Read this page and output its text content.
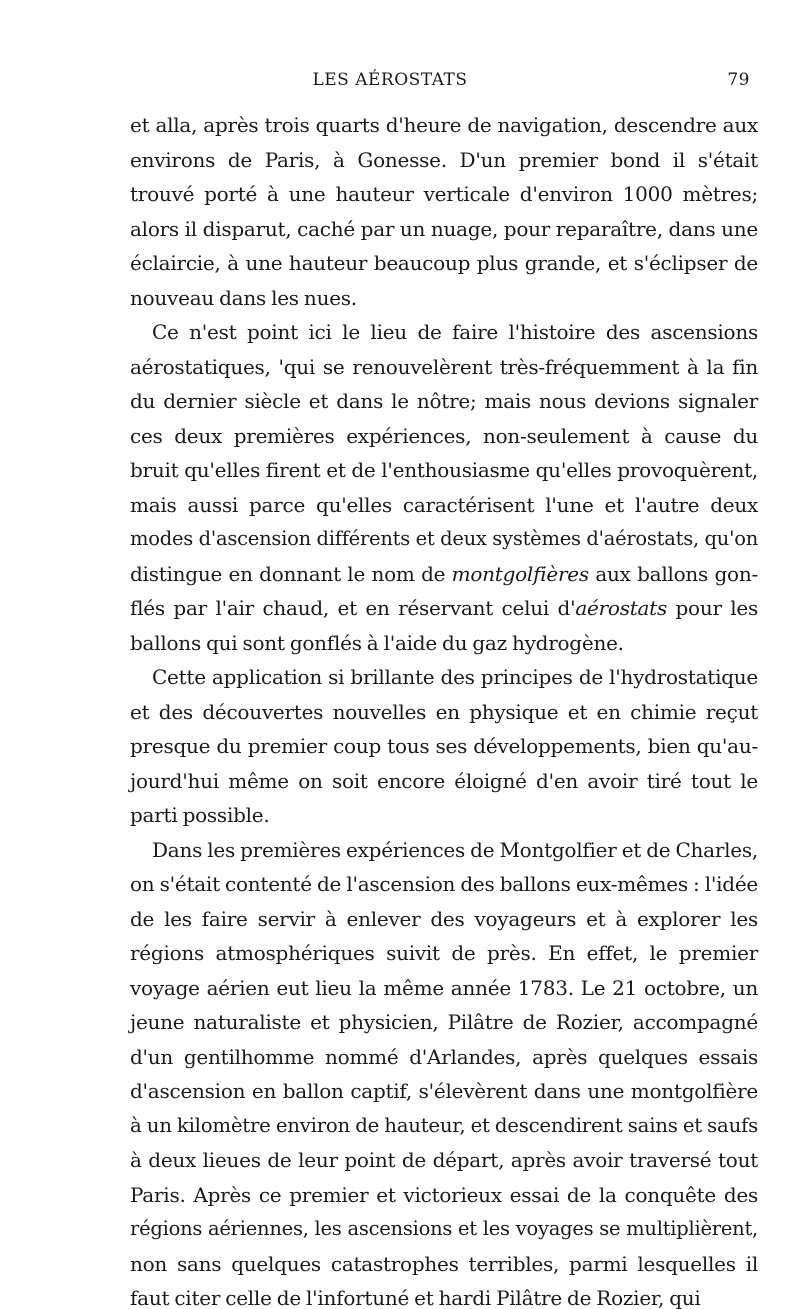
LES AÉROSTATS	79
et alla, après trois quarts d'heure de navigation, descendre aux
environs de Paris, à Gonesse. D'un premier bond il s'était
trouvé porté à une hauteur verticale d'environ 1000 mètres;
alors il disparut, caché par un nuage, pour reparaître, dans une
éclaircie, à une hauteur beaucoup plus grande, et s'éclipser de
nouveau dans les nues.
Ce n'est point ici le lieu de faire l'histoire des ascensions
aérostatiques, 'qui se renouvelèrent très-fréquemment à la fin
du dernier siècle et dans le nôtre; mais nous devions signaler
ces deux premières expériences, non-seulement à cause du
bruit qu'elles firent et de l'enthousiasme qu'elles provoquèrent,
mais aussi parce qu'elles caractérisent l'une et l'autre deux
modes d'ascension différents et deux systèmes d'aérostats, qu'on
distingue en donnant le nom de montgolfières aux ballons gon-
flés par l'air chaud, et en réservant celui d'aérostats pour les
ballons qui sont gonflés à l'aide du gaz hydrogène.
Cette application si brillante des principes de l'hydrostatique
et des découvertes nouvelles en physique et en chimie reçut
presque du premier coup tous ses développements, bien qu'au-
jourd'hui même on soit encore éloigné d'en avoir tiré tout le
parti possible.
Dans les premières expériences de Montgolfier et de Charles,
on s'était contenté de l'ascension des ballons eux-mêmes : l'idée
de les faire servir à enlever des voyageurs et à explorer les
régions atmosphériques suivit de près. En effet, le premier
voyage aérien eut lieu la même année 1783. Le 21 octobre, un
jeune naturaliste et physicien, Pilâtre de Rozier, accompagné
d'un gentilhomme nommé d'Arlandes, après quelques essais
d'ascension en ballon captif, s'élevèrent dans une montgolfière
à un kilomètre environ de hauteur, et descendirent sains et saufs
à deux lieues de leur point de départ, après avoir traversé tout
Paris. Après ce premier et victorieux essai de la conquête des
régions aériennes, les ascensions et les voyages se multiplièrent,
non sans quelques catastrophes terribles, parmi lesquelles il
faut citer celle de l'infortuné et hardi Pilâtre de Rozier, qui
